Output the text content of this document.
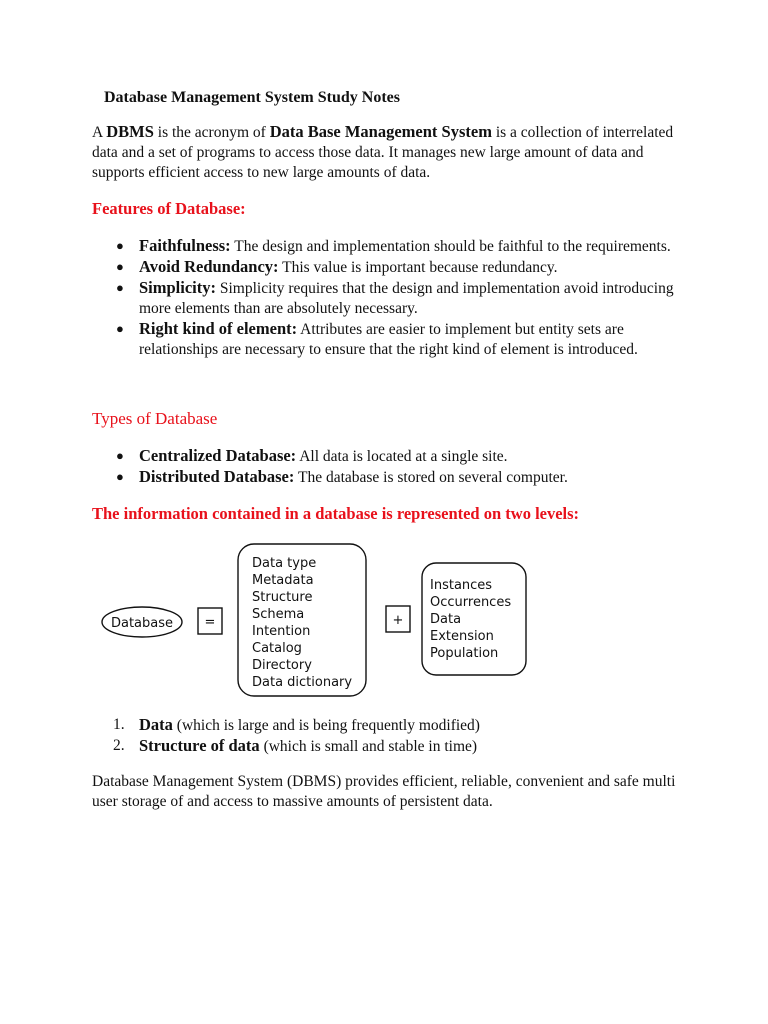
Database Management System Study Notes

A DBMS is the acronym of Data Base Management System is a collection of interrelated data and a set of programs to access those data. It manages new large amount of data and supports efficient access to new large amounts of data.

Features of Database:
● Faithfulness: The design and implementation should be faithful to the requirements.
● Avoid Redundancy: This value is important because redundancy.
● Simplicity: Simplicity requires that the design and implementation avoid introducing more elements than are absolutely necessary.
● Right kind of element: Attributes are easier to implement but entity sets are relationships are necessary to ensure that the right kind of element is introduced.
Types of Database
● Centralized Database: All data is located at a single site.
● Distributed Database: The database is stored on several computer.
The information contained in a database is represented on two levels:
1. Data (which is large and is being frequently modified)
2. Structure of data (which is small and stable in time)

Database Management System (DBMS) provides efficient, reliable, convenient and safe multi user storage of and access to massive amounts of persistent data.

Database =
Data type
Metadata
Structure
Schema
Intention
Catalog
Directory
Data dictionary
+
Instances
Occurrences
Data
Extension
Population
